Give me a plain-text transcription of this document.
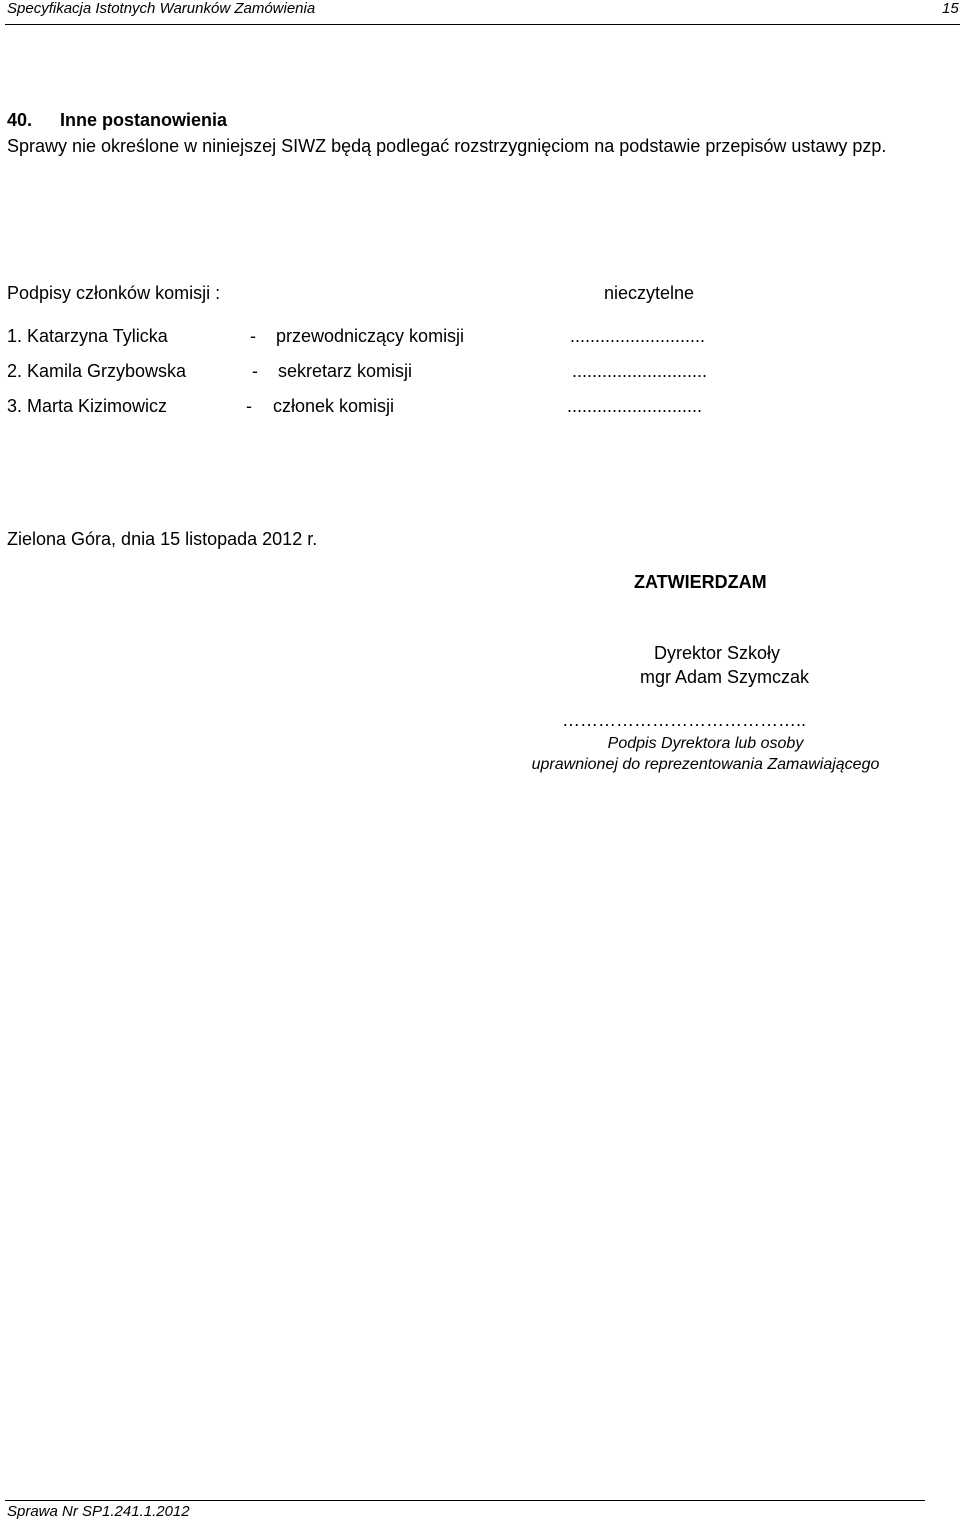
Specyfikacja Istotnych Warunków Zamówienia	15
40. Inne postanowienia
Sprawy nie określone w niniejszej SIWZ będą podlegać rozstrzygnięciom na podstawie przepisów ustawy pzp.
Podpisy członków komisji :	nieczytelne
1. Katarzyna Tylicka	- przewodniczący komisji	...........................
2. Kamila Grzybowska	- sekretarz komisji	...........................
3. Marta Kizimowicz	- członek komisji	...........................
Zielona Góra, dnia 15 listopada 2012 r.
ZATWIERDZAM
Dyrektor Szkoły
mgr Adam Szymczak
…………………………………..
Podpis Dyrektora lub osoby
uprawnionej do reprezentowania Zamawiającego
Sprawa Nr SP1.241.1.2012
